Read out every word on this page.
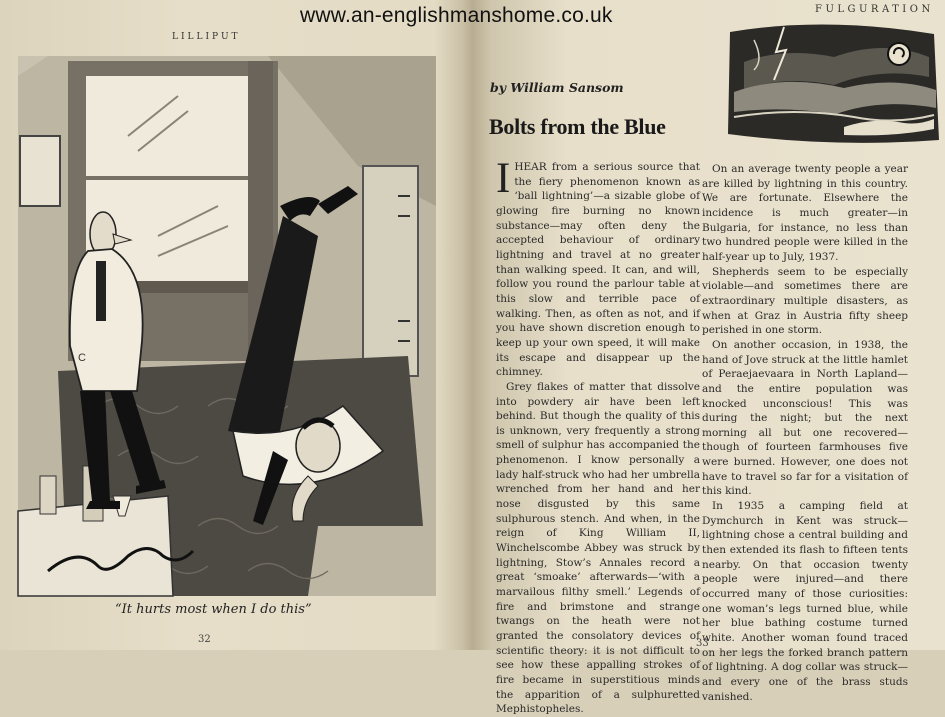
www.an-englishmanshome.co.uk
LILLIPUT
C
“It hurts most when I do this”
32
FULGURATION
by William Sansom
Bolts from the Blue

IHEAR from a serious source that the fiery phenomenon known as ‘ball lightning’—a sizable globe of glowing fire burning no known substance—may often deny the accepted behaviour of ordinary lightning and travel at no greater than walking speed. It can, and will, follow you round the parlour table at this slow and terrible pace of walking. Then, as often as not, and if you have shown discretion enough to keep up your own speed, it will make its escape and disappear up the chimney.

Grey flakes of matter that dissolve into powdery air have been left behind. But though the quality of this is unknown, very frequently a strong smell of sulphur has accompanied the phenomenon. I know personally a lady half-struck who had her umbrella wrenched from her hand and her nose disgusted by this same sulphurous stench. And when, in the reign of King William II, Winchelscombe Abbey was struck by lightning, Stow’s Annales record a great ‘smoake’ afterwards—‘with a marvailous filthy smell.’ Legends of fire and brimstone and strange twangs on the heath were not granted the consolatory devices of scientific theory: it is not difficult to see how these appalling strokes of fire became in superstitious minds the apparition of a sulphuretted Mephistopheles.

On an average twenty people a year are killed by lightning in this country. We are fortunate. Elsewhere the incidence is much greater—in Bulgaria, for instance, no less than two hundred people were killed in the half-year up to July, 1937.

Shepherds seem to be especially violable—and sometimes there are extraordinary multiple disasters, as when at Graz in Austria fifty sheep perished in one storm.

On another occasion, in 1938, the hand of Jove struck at the little hamlet of Peraejaevaara in North Lapland—and the entire population was knocked unconscious! This was during the night; but the next morning all but one recovered—though of fourteen farmhouses five were burned. However, one does not have to travel so far for a visitation of this kind.

In 1935 a camping field at Dymchurch in Kent was struck—lightning chose a central building and then extended its flash to fifteen tents nearby. On that occasion twenty people were injured—and there occurred many of those curiosities: one woman’s legs turned blue, while her blue bathing costume turned white. Another woman found traced on her legs the forked branch pattern of lightning. A dog collar was struck—and every one of the brass studs vanished.

33
